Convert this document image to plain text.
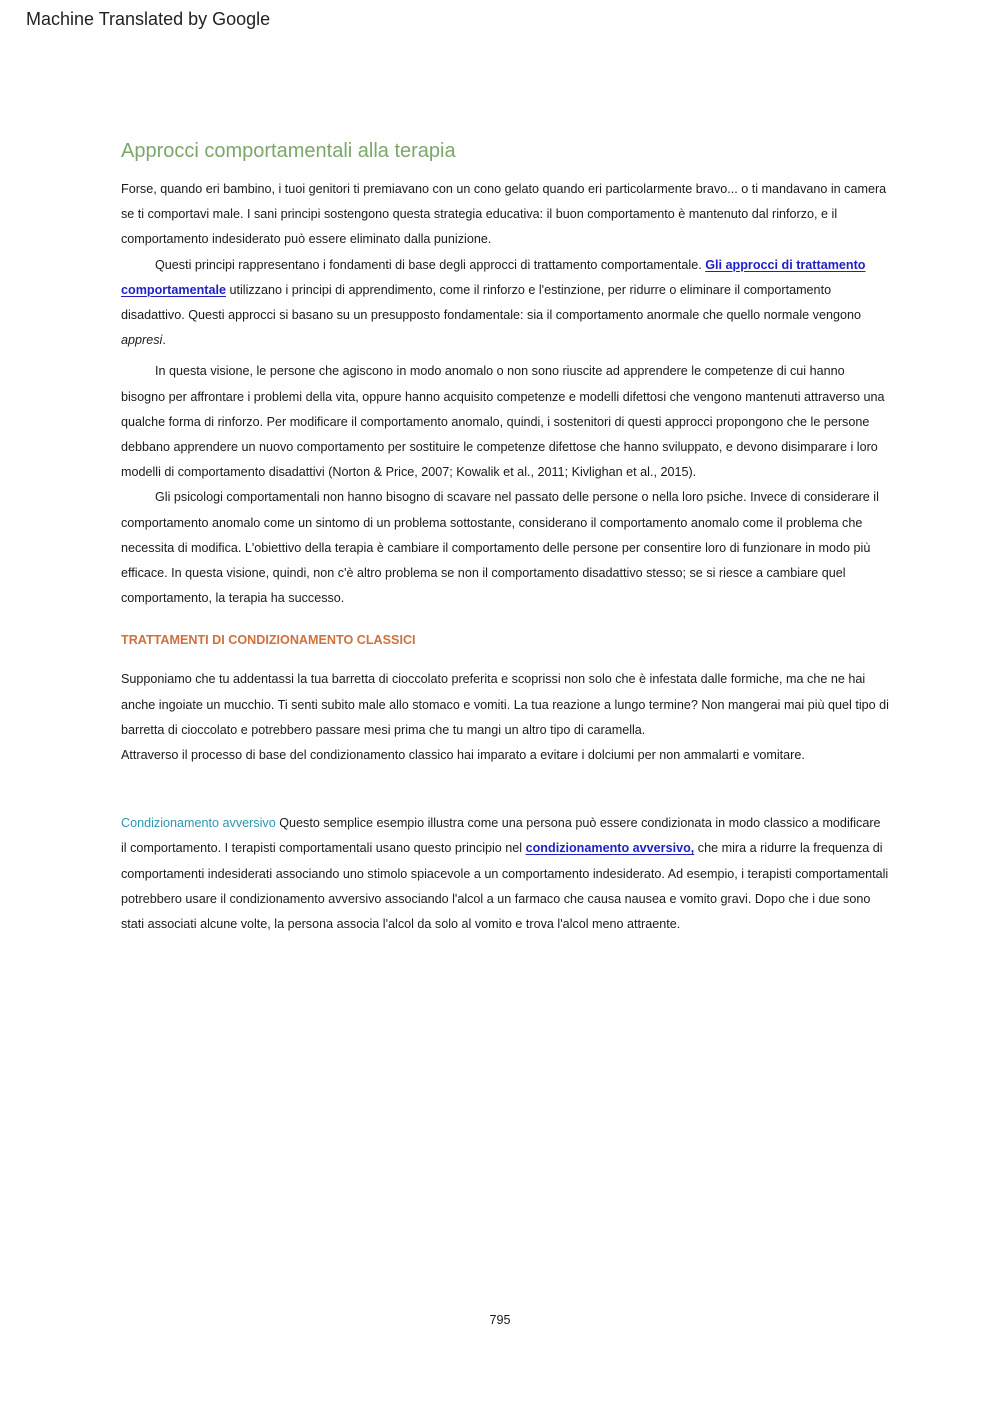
Machine Translated by Google
Approcci comportamentali alla terapia

Forse, quando eri bambino, i tuoi genitori ti premiavano con un cono gelato quando eri particolarmente bravo... o ti mandavano in camera se ti comportavi male. I sani principi sostengono questa strategia educativa: il buon comportamento è mantenuto dal rinforzo, e il comportamento indesiderato può essere eliminato dalla punizione.

Questi principi rappresentano i fondamenti di base degli approcci di trattamento comportamentale. Gli approcci di trattamento comportamentale utilizzano i principi di apprendimento, come il rinforzo e l'estinzione, per ridurre o eliminare il comportamento disadattivo. Questi approcci si basano su un presupposto fondamentale: sia il comportamento anormale che quello normale vengono appresi.

In questa visione, le persone che agiscono in modo anomalo o non sono riuscite ad apprendere le competenze di cui hanno bisogno per affrontare i problemi della vita, oppure hanno acquisito competenze e modelli difettosi che vengono mantenuti attraverso una qualche forma di rinforzo. Per modificare il comportamento anomalo, quindi, i sostenitori di questi approcci propongono che le persone debbano apprendere un nuovo comportamento per sostituire le competenze difettose che hanno sviluppato, e devono disimparare i loro modelli di comportamento disadattivi (Norton & Price, 2007; Kowalik et al., 2011; Kivlighan et al., 2015).

Gli psicologi comportamentali non hanno bisogno di scavare nel passato delle persone o nella loro psiche. Invece di considerare il comportamento anomalo come un sintomo di un problema sottostante, considerano il comportamento anomalo come il problema che necessita di modifica. L'obiettivo della terapia è cambiare il comportamento delle persone per consentire loro di funzionare in modo più efficace. In questa visione, quindi, non c'è altro problema se non il comportamento disadattivo stesso; se si riesce a cambiare quel comportamento, la terapia ha successo.

TRATTAMENTI DI CONDIZIONAMENTO CLASSICI

Supponiamo che tu addentassi la tua barretta di cioccolato preferita e scoprissi non solo che è infestata dalle formiche, ma che ne hai anche ingoiate un mucchio. Ti senti subito male allo stomaco e vomiti. La tua reazione a lungo termine? Non mangerai mai più quel tipo di barretta di cioccolato e potrebbero passare mesi prima che tu mangi un altro tipo di caramella.

Attraverso il processo di base del condizionamento classico hai imparato a evitare i dolciumi per non ammalarti e vomitare.

Condizionamento avversivo Questo semplice esempio illustra come una persona può essere condizionata in modo classico a modificare il comportamento. I terapisti comportamentali usano questo principio nel condizionamento avversivo, che mira a ridurre la frequenza di comportamenti indesiderati associando uno stimolo spiacevole a un comportamento indesiderato. Ad esempio, i terapisti comportamentali potrebbero usare il condizionamento avversivo associando l'alcol a un farmaco che causa nausea e vomito gravi. Dopo che i due sono stati associati alcune volte, la persona associa l'alcol da solo al vomito e trova l'alcol meno attraente.

795
